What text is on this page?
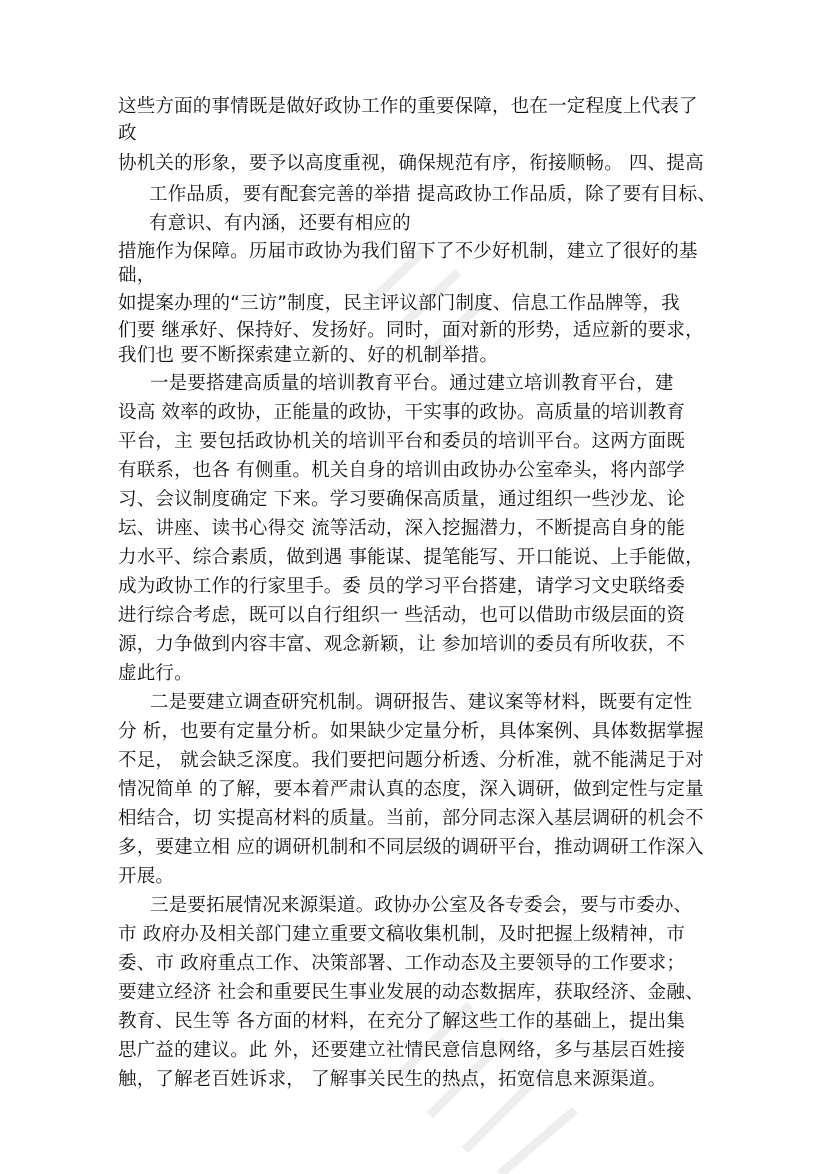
这些方面的事情既是做好政协工作的重要保障，也在一定程度上代表了
政
协机关的形象，要予以高度重视，确保规范有序，衔接顺畅。 四、提高
工作品质，要有配套完善的举措 提高政协工作品质，除了要有目标、
有意识、有内涵，还要有相应的
措施作为保障。历届市政协为我们留下了不少好机制，建立了很好的基
础，
如提案办理的“三访”制度，民主评议部门制度、信息工作品牌等，我
们要 继承好、保持好、发扬好。同时，面对新的形势，适应新的要求，
我们也 要不断探索建立新的、好的机制举措。
一是要搭建高质量的培训教育平台。通过建立培训教育平台，建
设高 效率的政协，正能量的政协，干实事的政协。高质量的培训教育
平台，主 要包括政协机关的培训平台和委员的培训平台。这两方面既
有联系，也各 有侧重。机关自身的培训由政协办公室牵头，将内部学
习、会议制度确定 下来。学习要确保高质量，通过组织一些沙龙、论
坛、讲座、读书心得交 流等活动，深入挖掘潜力，不断提高自身的能
力水平、综合素质，做到遇 事能谋、提笔能写、开口能说、上手能做，
成为政协工作的行家里手。委 员的学习平台搭建，请学习文史联络委
进行综合考虑，既可以自行组织一 些活动，也可以借助市级层面的资
源，力争做到内容丰富、观念新颖，让 参加培训的委员有所收获，不
虚此行。
二是要建立调查研究机制。调研报告、建议案等材料，既要有定性
分 析，也要有定量分析。如果缺少定量分析，具体案例、具体数据掌握
不足， 就会缺乏深度。我们要把问题分析透、分析准，就不能满足于对
情况简单 的了解，要本着严肃认真的态度，深入调研，做到定性与定量
相结合，切 实提高材料的质量。当前，部分同志深入基层调研的机会不
多，要建立相 应的调研机制和不同层级的调研平台，推动调研工作深入
开展。
三是要拓展情况来源渠道。政协办公室及各专委会，要与市委办、
市 政府办及相关部门建立重要文稿收集机制，及时把握上级精神，市
委、市 政府重点工作、决策部署、工作动态及主要领导的工作要求；
要建立经济 社会和重要民生事业发展的动态数据库，获取经济、金融、
教育、民生等 各方面的材料，在充分了解这些工作的基础上，提出集
思广益的建议。此 外，还要建立社情民意信息网络，多与基层百姓接
触，了解老百姓诉求， 了解事关民生的热点，拓宽信息来源渠道。
